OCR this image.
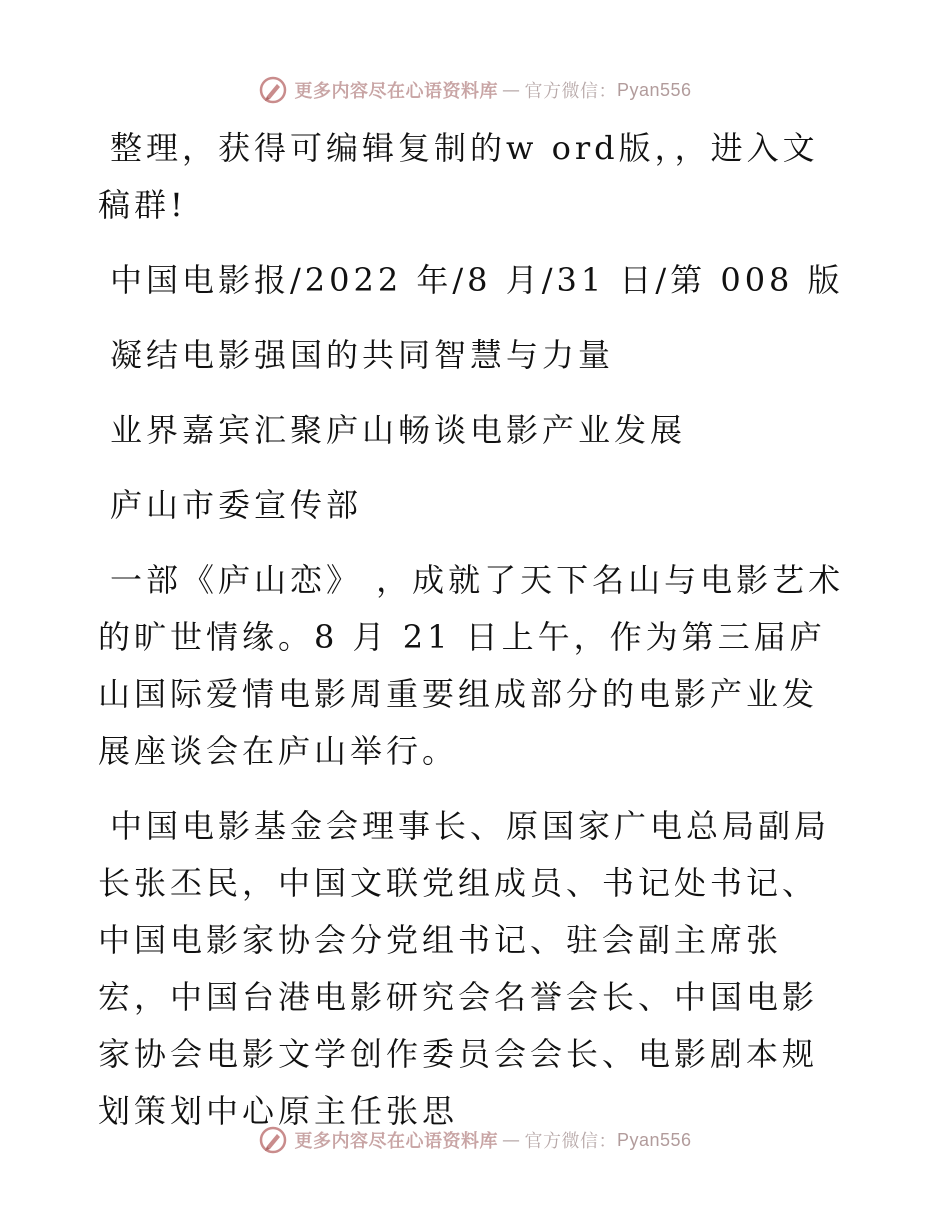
更多内容尽在心语资料库 — 官方微信： Pyan556

整理，获得可编辑复制的w ord版，，进入文稿群!

中国电影报/2022 年/8 月/31 日/第 008 版

凝结电影强国的共同智慧与力量

业界嘉宾汇聚庐山畅谈电影产业发展

庐山市委宣传部

一部《庐山恋》 ，成就了天下名山与电影艺术的旷世情缘。8 月 21 日上午，作为第三届庐山国际爱情电影周重要组成部分的电影产业发展座谈会在庐山举行。

中国电影基金会理事长、原国家广电总局副局长张丕民，中国文联党组成员、书记处书记、中国电影家协会分党组书记、驻会副主席张宏，中国台港电影研究会名誉会长、中国电影家协会电影文学创作委员会会长、电影剧本规划策划中心原主任张思

更多内容尽在心语资料库 — 官方微信： Pyan556
